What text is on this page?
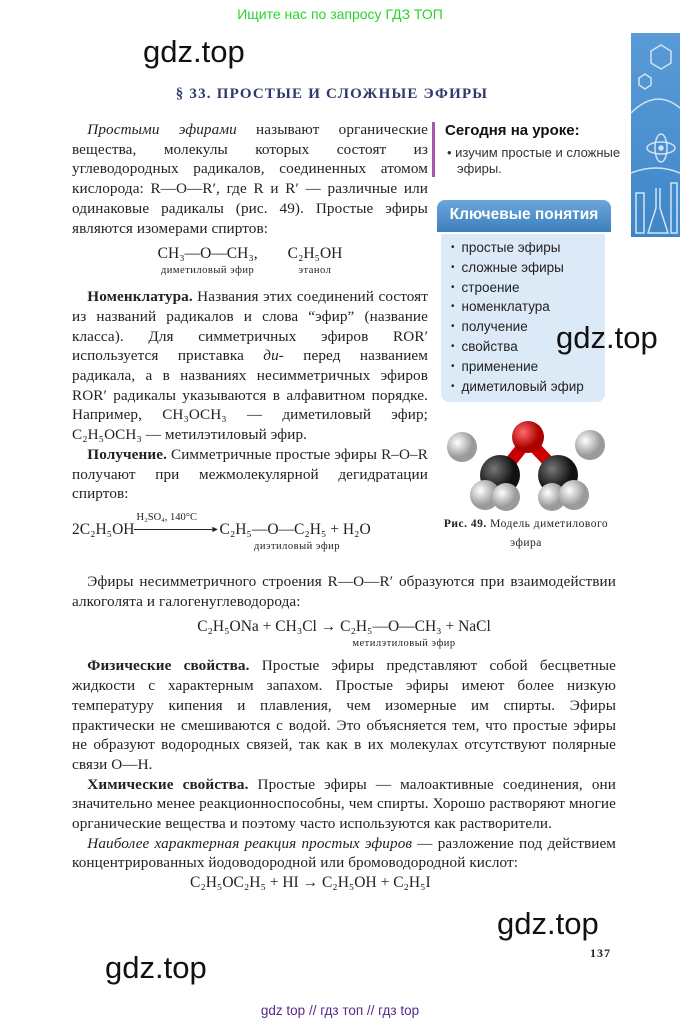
Ищите нас по запросу ГДЗ ТОП
gdz.top
§ 33. ПРОСТЫЕ И СЛОЖНЫЕ ЭФИРЫ
Сегодня на уроке:
• изучим простые и сложные эфиры.
Ключевые понятия
• простые эфиры
• сложные эфиры
• строение
• номенклатура
• получение
• свойства
• применение
• диметиловый эфир
gdz.top
Рис. 49. Модель диметилового эфира

 Простыми эфирами называют органические вещества, молекулы которых состоят из углеводородных радикалов, соединенных атомом кислорода: R—O—R′, где R и R′ — различные или одинаковые радикалы (рис. 49). Простые эфиры являются изомерами спиртов:

CH₃—O—CH₃,
диметиловый эфир
C₂H₅OH
этанол

 Номенклатура. Названия этих соединений состоят из названий радикалов и слова “эфир” (название класса). Для симметричных эфиров ROR′ используется приставка ди- перед названием радикала, а в названиях несимметричных эфиров ROR′ радикалы указываются в алфавитном порядке. Например, CH₃OCH₃ — диметиловый эфир; C₂H₅OCH₃ — метилэтиловый эфир.

 Получение. Симметричные простые эфиры R–O–R получают при межмолекулярной дегидратации спиртов:

2C₂H₅OH	►
H₂SO₄, 140°C
C₂H₅—O—C₂H₅ + H₂O
диэтиловый эфир

 Эфиры несимметричного строения R—O—R′ образуются при взаимодействии алкоголята и галогенуглеводорода:

C₂H₅ONa + CH₃Cl → C₂H₅—O—CH₃ + NaCl
метилэтиловый эфир

 Физические свойства. Простые эфиры представляют собой бесцветные жидкости с характерным запахом. Простые эфиры имеют более низкую температуру кипения и плавления, чем изомерные им спирты. Эфиры практически не смешиваются с водой. Это объясняется тем, что простые эфиры не образуют водородных связей, так как в их молекулах отсутствуют полярные связи O—H.

 Химические свойства. Простые эфиры — малоактивные соединения, они значительно менее реакционноспособны, чем спирты. Хорошо растворяют многие органические вещества и поэтому часто используются как растворители.

 Наиболее характерная реакция простых эфиров — разложение под действием концентрированных йодоводородной или бромоводородной кислот:

C₂H₅OC₂H₅ + HI → C₂H₅OH + C₂H₅I
gdz.top
gdz.top	137
gdz top // гдз топ // гдз top
